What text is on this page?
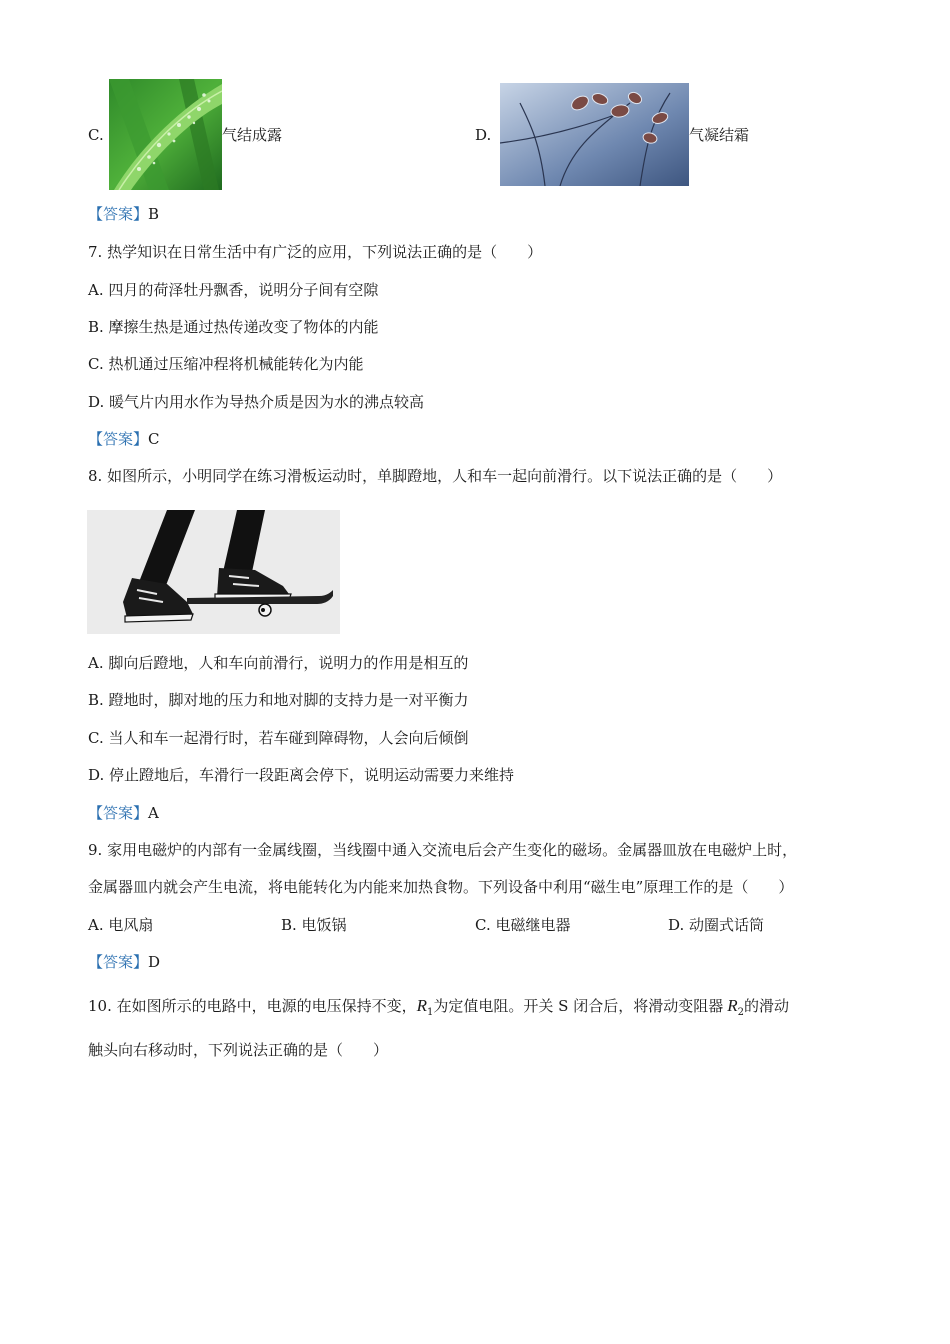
C.	气结成露	D.	气凝结霜
【答案】B
7. 热学知识在日常生活中有广泛的应用，下列说法正确的是（　　）
A. 四月的荷泽牡丹飘香，说明分子间有空隙
B. 摩擦生热是通过热传递改变了物体的内能
C. 热机通过压缩冲程将机械能转化为内能
D. 暖气片内用水作为导热介质是因为水的沸点较高
【答案】C
8. 如图所示，小明同学在练习滑板运动时，单脚蹬地，人和车一起向前滑行。以下说法正确的是（　　）
A. 脚向后蹬地，人和车向前滑行，说明力的作用是相互的
B. 蹬地时，脚对地的压力和地对脚的支持力是一对平衡力
C. 当人和车一起滑行时，若车碰到障碍物，人会向后倾倒
D. 停止蹬地后，车滑行一段距离会停下，说明运动需要力来维持
【答案】A
9. 家用电磁炉的内部有一金属线圈，当线圈中通入交流电后会产生变化的磁场。金属器皿放在电磁炉上时，
金属器皿内就会产生电流，将电能转化为内能来加热食物。下列设备中利用“磁生电”原理工作的是（　　）
A. 电风扇	B. 电饭锅	C. 电磁继电器	D. 动圈式话筒
【答案】D
10. 在如图所示的电路中，电源的电压保持不变，$R_1$为定值电阻。开关 S 闭合后，将滑动变阻器 $R_2$的滑动
触头向右移动时，下列说法正确的是（　　）
